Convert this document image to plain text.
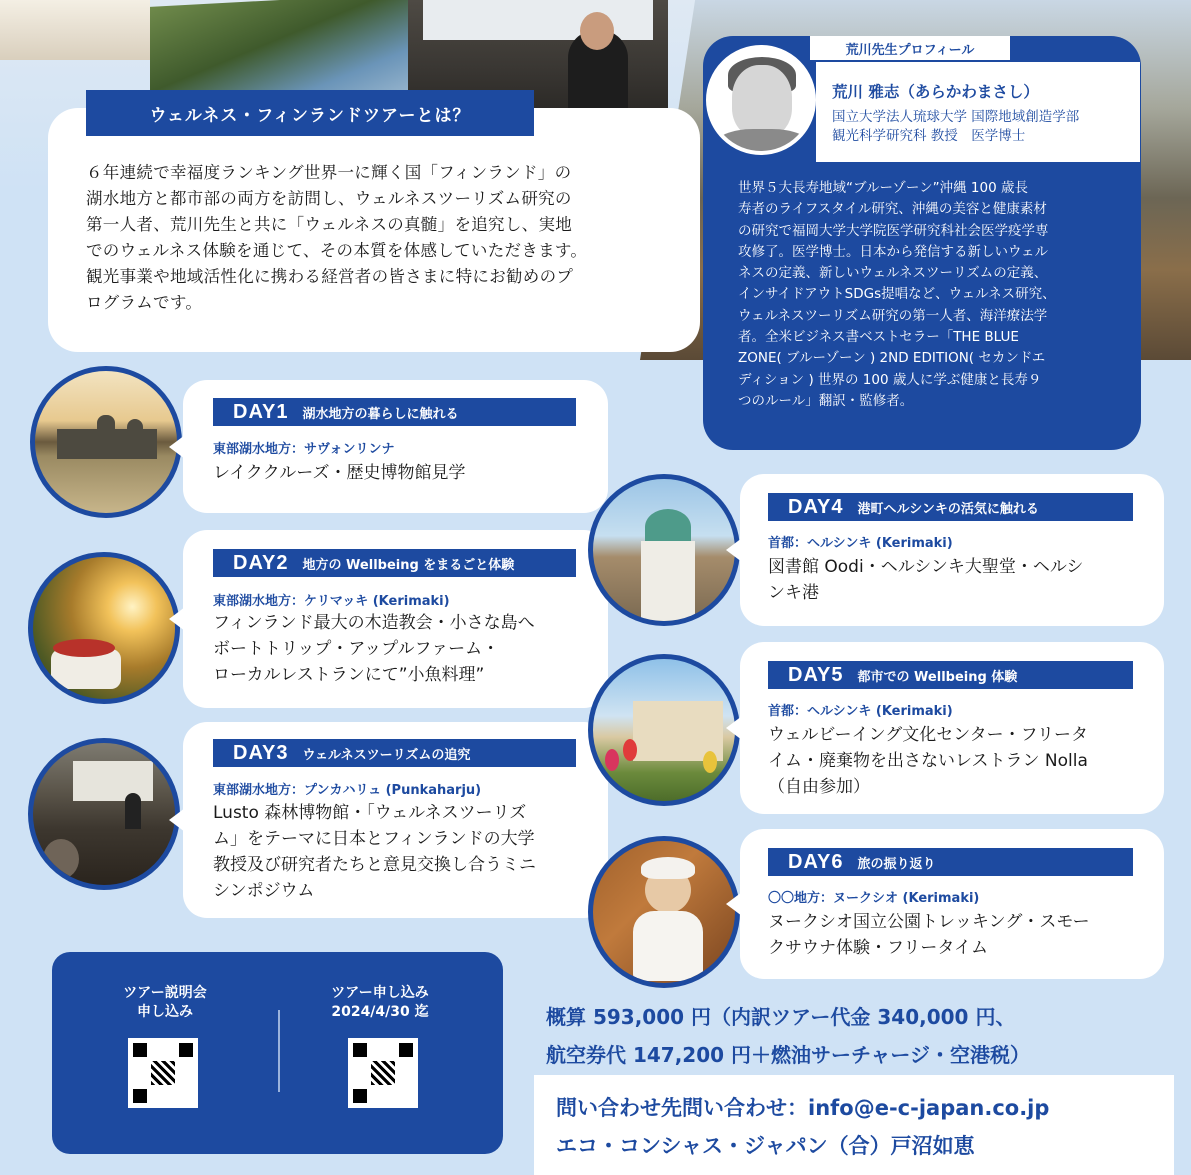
ウェルネス・フィンランドツアーとは？
６年連続で幸福度ランキング世界一に輝く国「フィンランド」の
湖水地方と都市部の両方を訪問し、ウェルネスツーリズム研究の
第一人者、荒川先生と共に「ウェルネスの真髄」を追究し、実地
でのウェルネス体験を通じて、その本質を体感していただきます。
観光事業や地域活性化に携わる経営者の皆さまに特にお勧めのプ
ログラムです。
荒川先生プロフィール
荒川 雅志（あらかわまさし）
国立大学法人琉球大学 国際地域創造学部
観光科学研究科 教授　医学博士
世界５大長寿地域“ブルーゾーン”沖縄 100 歳長
寿者のライフスタイル研究、沖縄の美容と健康素材
の研究で福岡大学大学院医学研究科社会医学疫学専
攻修了。医学博士。日本から発信する新しいウェル
ネスの定義、新しいウェルネスツーリズムの定義、
インサイドアウトSDGs提唱など、ウェルネス研究、
ウェルネスツーリズム研究の第一人者、海洋療法学
者。全米ビジネス書ベストセラー「THE BLUE
ZONE( ブルーゾーン ) 2ND EDITION( セカンドエ
ディション ) 世界の 100 歳人に学ぶ健康と長寿９
つのルール」翻訳・監修者。
DAY1 湖水地方の暮らしに触れる
東部湖水地方：サヴォンリンナ
レイククルーズ・歴史博物館見学
DAY2 地方の Wellbeing をまるごと体験
東部湖水地方：ケリマッキ (Kerimaki)
フィンランド最大の木造教会・小さな島へ
ボートトリップ・アップルファーム・
ローカルレストランにて”小魚料理”
DAY3 ウェルネスツーリズムの追究
東部湖水地方：プンカハリュ (Punkaharju)
Lusto 森林博物館・「ウェルネスツーリズ
ム」をテーマに日本とフィンランドの大学
教授及び研究者たちと意見交換し合うミニ
シンポジウム
DAY4 港町ヘルシンキの活気に触れる
首都：ヘルシンキ (Kerimaki)
図書館 Oodi・ヘルシンキ大聖堂・ヘルシ
ンキ港
DAY5 都市での Wellbeing 体験
首都：ヘルシンキ (Kerimaki)
ウェルビーイング文化センター・フリータ
イム・廃棄物を出さないレストラン Nolla
（自由参加）
DAY6 旅の振り返り
〇〇地方：ヌークシオ (Kerimaki)
ヌークシオ国立公園トレッキング・スモー
クサウナ体験・フリータイム
ツアー説明会
申し込み
ツアー申し込み
2024/4/30 迄	概算 593,000 円（内訳ツアー代金 340,000 円、
航空券代 147,200 円＋燃油サーチャージ・空港税）
問い合わせ先問い合わせ：info@e-c-japan.co.jp
エコ・コンシャス・ジャパン（合）戸沼如恵
